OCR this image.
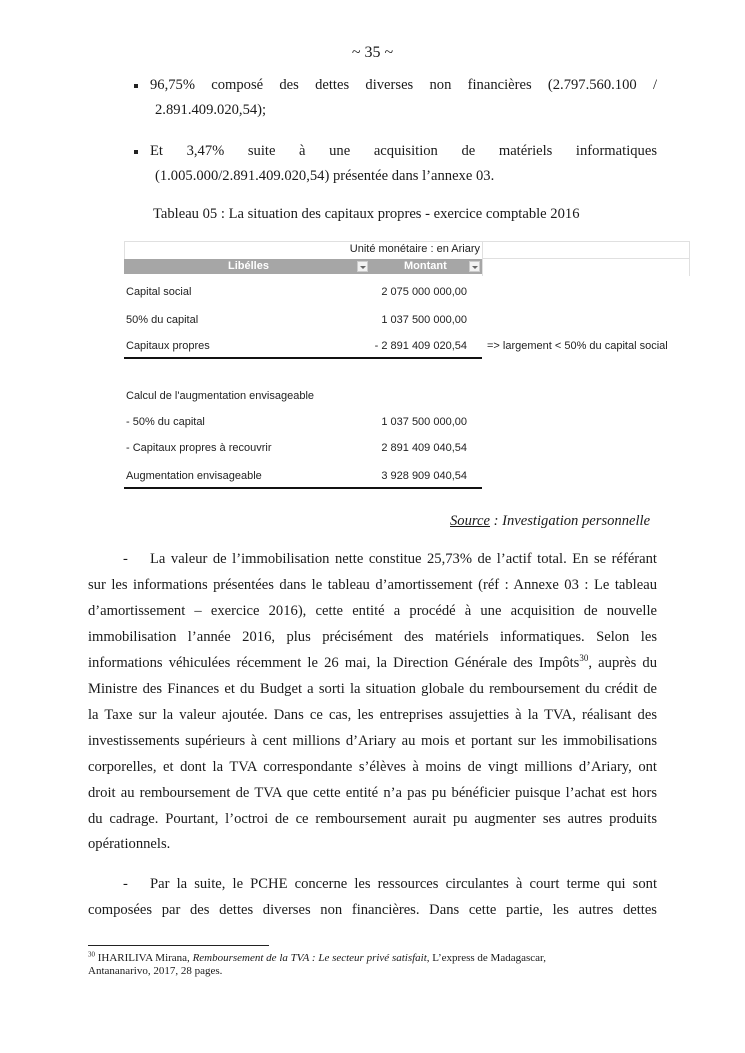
~ 35 ~
96,75% composé des dettes diverses non financières (2.797.560.100 /
2.891.409.020,54);
Et 3,47% suite à une acquisition de matériels informatiques
(1.005.000/2.891.409.020,54) présentée dans l’annexe 03.
Tableau 05 : La situation des capitaux propres - exercice comptable 2016
Unité monétaire : en Ariary
Libélles	Montant
Capital social	2 075 000 000,00
50% du capital	1 037 500 000,00
Capitaux propres	- 2 891 409 020,54 => largement < 50% du capital social
Calcul de l'augmentation envisageable
- 50% du capital	1 037 500 000,00
- Capitaux propres à recouvrir	2 891 409 040,54
Augmentation envisageable	3 928 909 040,54
Source : Investigation personnelle
- La valeur de l’immobilisation nette constitue 25,73% de l’actif total. En se référant
sur les informations présentées dans le tableau d’amortissement (réf : Annexe 03 : Le tableau
d’amortissement – exercice 2016), cette entité a procédé à une acquisition de nouvelle
immobilisation l’année 2016, plus précisément des matériels informatiques. Selon les
informations véhiculées récemment le 26 mai, la Direction Générale des Impôts$^{30}$, auprès du
Ministre des Finances et du Budget a sorti la situation globale du remboursement du crédit de
la Taxe sur la valeur ajoutée. Dans ce cas, les entreprises assujetties à la TVA, réalisant des
investissements supérieurs à cent millions d’Ariary au mois et portant sur les immobilisations
corporelles, et dont la TVA correspondante s’élèves à moins de vingt millions d’Ariary, ont
droit au remboursement de TVA que cette entité n’a pas pu bénéficier puisque l’achat est hors
du cadrage. Pourtant, l’octroi de ce remboursement aurait pu augmenter ses autres produits
opérationnels.
- Par la suite, le PCHE concerne les ressources circulantes à court terme qui sont
composées par des dettes diverses non financières. Dans cette partie, les autres dettes
$^{30}$ IHARILIVA Mirana, Remboursement de la TVA : Le secteur privé satisfait, L’express de Madagascar,
Antananarivo, 2017, 28 pages.
